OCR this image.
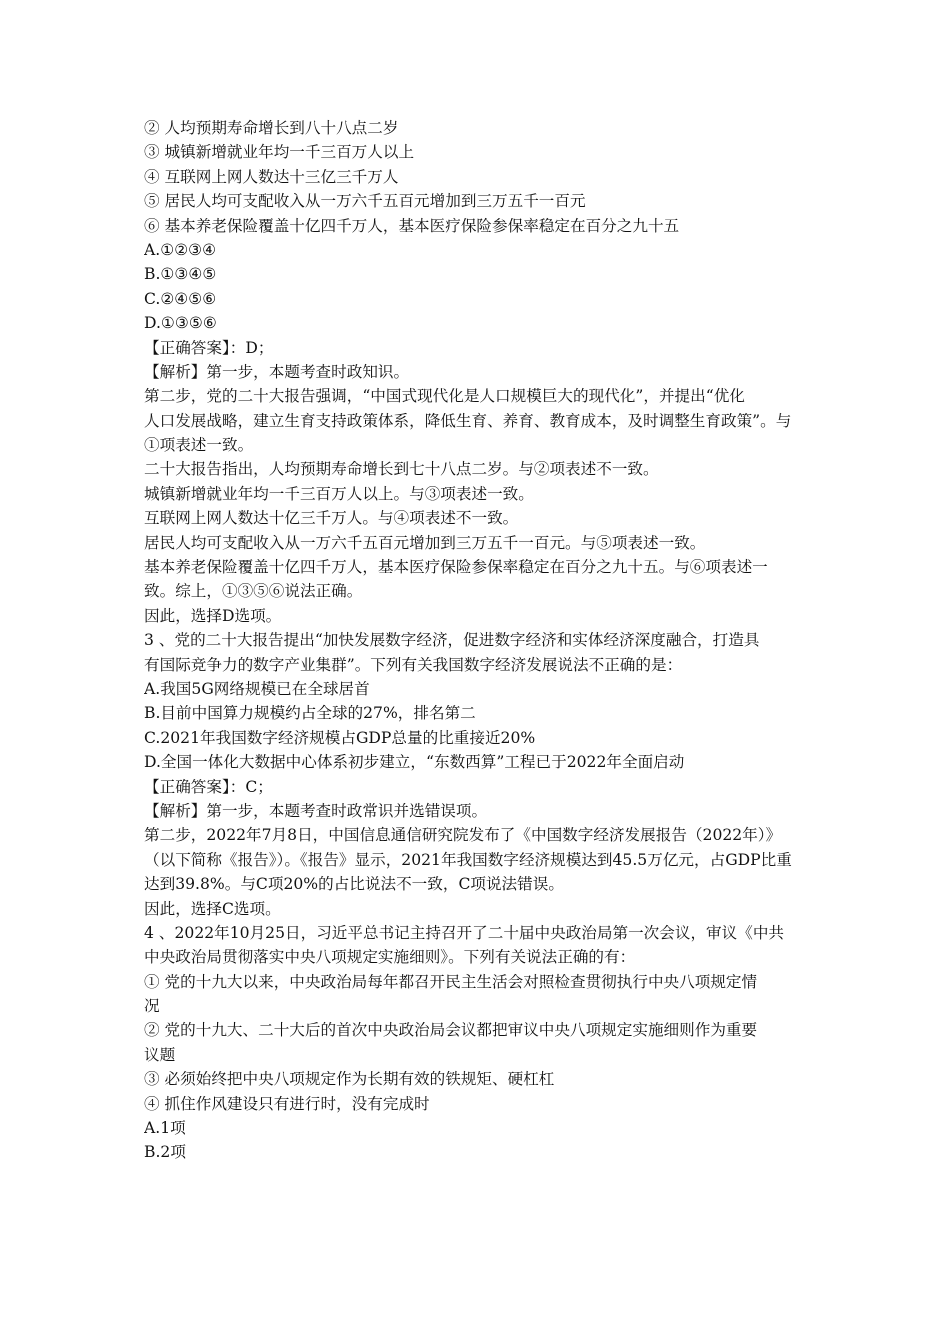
② 人均预期寿命增长到八十八点二岁
③ 城镇新增就业年均一千三百万人以上
④ 互联网上网人数达十三亿三千万人
⑤ 居民人均可支配收入从一万六千五百元增加到三万五千一百元
⑥ 基本养老保险覆盖十亿四千万人，基本医疗保险参保率稳定在百分之九十五
A.①②③④
B.①③④⑤
C.②④⑤⑥
D.①③⑤⑥
【正确答案】：D；
【解析】第一步，本题考查时政知识。
第二步，党的二十大报告强调，“中国式现代化是人口规模巨大的现代化”，并提出“优化
人口发展战略，建立生育支持政策体系，降低生育、养育、教育成本，及时调整生育政策”。与
①项表述一致。
二十大报告指出，人均预期寿命增长到七十八点二岁。与②项表述不一致。
城镇新增就业年均一千三百万人以上。与③项表述一致。
互联网上网人数达十亿三千万人。与④项表述不一致。
居民人均可支配收入从一万六千五百元增加到三万五千一百元。与⑤项表述一致。
基本养老保险覆盖十亿四千万人，基本医疗保险参保率稳定在百分之九十五。与⑥项表述一
致。综上，①③⑤⑥说法正确。
因此，选择D选项。
3 、党的二十大报告提出“加快发展数字经济，促进数字经济和实体经济深度融合，打造具
有国际竞争力的数字产业集群”。下列有关我国数字经济发展说法不正确的是：
A.我国5G网络规模已在全球居首
B.目前中国算力规模约占全球的27%，排名第二
C.2021年我国数字经济规模占GDP总量的比重接近20%
D.全国一体化大数据中心体系初步建立，“东数西算”工程已于2022年全面启动
【正确答案】：C；
【解析】第一步，本题考查时政常识并选错误项。
第二步，2022年7月8日，中国信息通信研究院发布了《中国数字经济发展报告（2022年）》
（以下简称《报告》）。《报告》显示，2021年我国数字经济规模达到45.5万亿元，占GDP比重
达到39.8%。与C项20%的占比说法不一致，C项说法错误。
因此，选择C选项。
4 、2022年10月25日，习近平总书记主持召开了二十届中央政治局第一次会议，审议《中共
中央政治局贯彻落实中央八项规定实施细则》。下列有关说法正确的有：
① 党的十九大以来，中央政治局每年都召开民主生活会对照检查贯彻执行中央八项规定情
况
② 党的十九大、二十大后的首次中央政治局会议都把审议中央八项规定实施细则作为重要
议题
③ 必须始终把中央八项规定作为长期有效的铁规矩、硬杠杠
④ 抓住作风建设只有进行时，没有完成时
A.1项
B.2项
